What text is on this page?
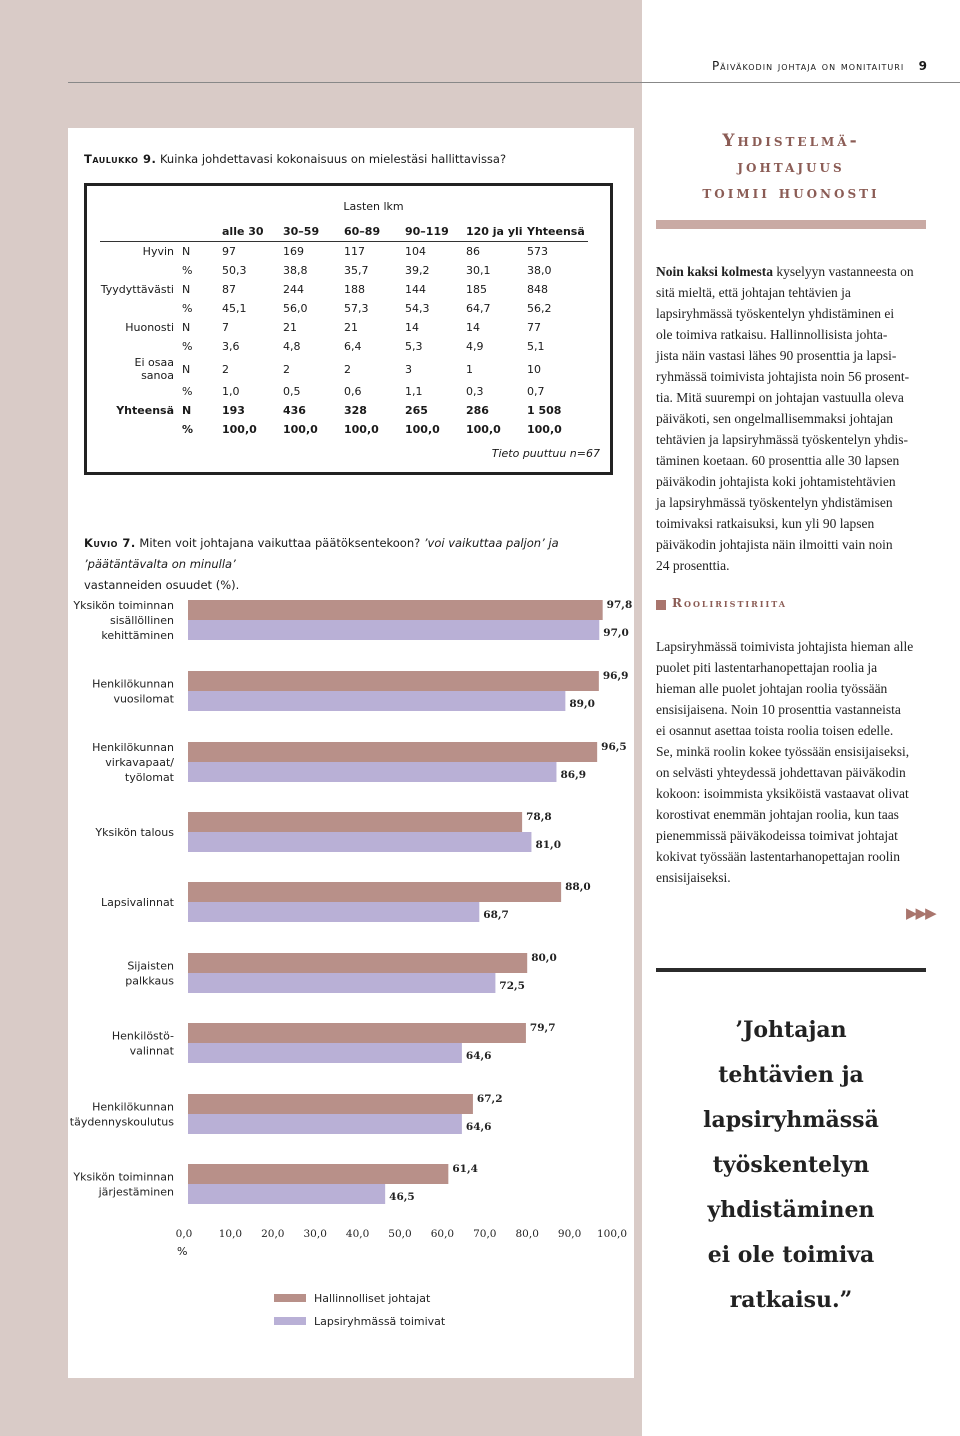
Päiväkodin johtaja on monitaituri 9
Taulukko 9. Kuinka johdettavasi kokonaisuus on mielestäsi hallittavissa?
Lasten lkm
		alle 30	30–59	60–89	90–119	120 ja yli	Yhteensä
Hyvin	N	97	169	117	104	86	573
	%	50,3	38,8	35,7	39,2	30,1	38,0
Tyydyttävästi	N	87	244	188	144	185	848
	%	45,1	56,0	57,3	54,3	64,7	56,2
Huonosti	N	7	21	21	14	14	77
	%	3,6	4,8	6,4	5,3	4,9	5,1
Ei osaa sanoa	N	2	2	2	3	1	10
	%	1,0	0,5	0,6	1,1	0,3	0,7
Yhteensä	N	193	436	328	265	286	1 508
	%	100,0	100,0	100,0	100,0	100,0	100,0
Tieto puuttuu n=67
Kuvio 7. Miten voit johtajana vaikuttaa päätöksentekoon? ’voi vaikuttaa paljon’ ja ’päätäntävalta on minulla’
vastanneiden osuudet (%).
97,8
97,0
Yksikön toiminnan
sisällöllinen
kehittäminen
96,9
89,0
Henkilökunnan
vuosilomat
96,5
86,9
Henkilökunnan
virkavapaat/
työlomat
78,8
81,0
Yksikön talous
88,0
68,7
Lapsivalinnat
80,0
72,5
Sijaisten
palkkaus
79,7
64,6
Henkilöstö-
valinnat
67,2
64,6
Henkilökunnan
täydennyskoulutus
61,4
46,5
Yksikön toiminnan
järjestäminen
0,0	10,0 20,0 30,0 40,0 50,0 60,0 70,0 80,0 90,0 100,0
Hallinnolliset johtajat
Lapsiryhmässä toimivat
%
Yhdistelmä-
johtajuus
toimii huonosti
Noin kaksi kolmesta kyselyyn vastanneesta on sitä mieltä, että johtajan tehtävien ja
lapsiryhmässä työskentelyn yhdistäminen ei
ole toimiva ratkaisu. Hallinnollisista johta-
jista näin vastasi lähes 90 prosenttia ja lapsi-
ryhmässä toimivista johtajista noin 56 prosent-
tia. Mitä suurempi on johtajan vastuulla oleva
päiväkoti, sen ongelmallisemmaksi johtajan
tehtävien ja lapsiryhmässä työskentelyn yhdis-
täminen koetaan. 60 prosenttia alle 30 lapsen
päiväkodin johtajista koki johtamistehtävien
ja lapsiryhmässä työskentelyn yhdistämisen
toimivaksi ratkaisuksi, kun yli 90 lapsen
päiväkodin johtajista näin ilmoitti vain noin
24 prosenttia.
Rooliristiriita
Lapsiryhmässä toimivista johtajista hieman alle
puolet piti lastentarhanopettajan roolia ja
hieman alle puolet johtajan roolia työssään
ensisijaisena. Noin 10 prosenttia vastanneista
ei osannut asettaa toista roolia toisen edelle.
Se, minkä roolin kokee työssään ensisijaiseksi,
on selvästi yhteydessä johdettavan päiväkodin
kokoon: isoimmista yksiköistä vastaavat olivat
korostivat enemmän johtajan roolia, kun taas
pienemmissä päiväkodeissa toimivat johtajat
kokivat työssään lastentarhanopettajan roolin
ensisijaiseksi.
▶▶▶
’Johtajan
tehtävien ja
lapsiryhmässä
työskentelyn
yhdistäminen
ei ole toimiva
ratkaisu.”
